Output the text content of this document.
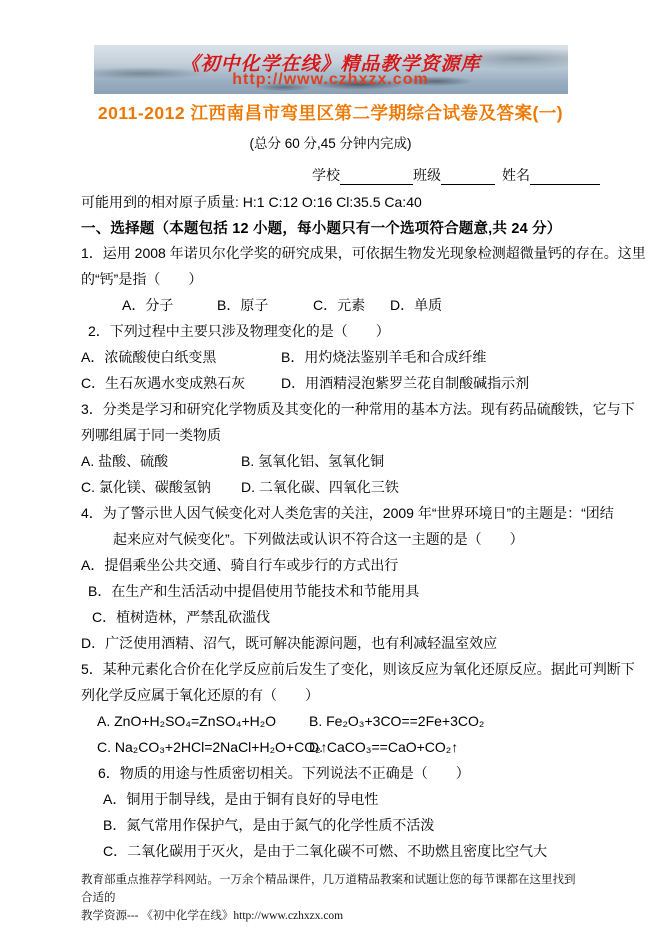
《初中化学在线》精品教学资源库
http://www.czhxzx.com
2011-2012 江西南昌市弯里区第二学期综合试卷及答案(一)
(总分 60 分,45 分钟内完成)
学校	班级	姓名
可能用到的相对原子质量: H:1 C:12 O:16 Cl:35.5 Ca:40
一、选择题（本题包括 12 小题，每小题只有一个选项符合题意,共 24 分）
1．运用 2008 年诺贝尔化学奖的研究成果，可依据生物发光现象检测超微量钙的存在。这里
的“钙”是指（　　）
A．分子	B．原子	C．元素 D．单质
2．下列过程中主要只涉及物理变化的是（　　）
A．浓硫酸使白纸变黑	B．用灼烧法鉴别羊毛和合成纤维
C．生石灰遇水变成熟石灰	D．用酒精浸泡紫罗兰花自制酸碱指示剂
3．分类是学习和研究化学物质及其变化的一种常用的基本方法。现有药品硫酸铁，它与下
列哪组属于同一类物质
A. 盐酸、硫酸	B. 氢氧化铝、氢氧化铜
C. 氯化镁、碳酸氢钠 D. 二氧化碳、四氧化三铁
4．为了警示世人因气候变化对人类危害的关注，2009 年“世界环境日”的主题是：“团结
起来应对气候变化”。下列做法或认识不符合这一主题的是（　　）
A．提倡乘坐公共交通、骑自行车或步行的方式出行
B．在生产和生活活动中提倡使用节能技术和节能用具
C．植树造林，严禁乱砍滥伐
D．广泛使用酒精、沼气，既可解决能源问题，也有利减轻温室效应
5．某种元素化合价在化学反应前后发生了变化，则该反应为氧化还原反应。据此可判断下
列化学反应属于氧化还原的有（　　）
A. ZnO+H₂SO₄=ZnSO₄+H₂O B. Fe₂O₃+3CO==2Fe+3CO₂
C. Na₂CO₃+2HCl=2NaCl+H₂O+CO₂↑D. CaCO₃==CaO+CO₂↑
6．物质的用途与性质密切相关。下列说法不正确是（　　）
A．铜用于制导线，是由于铜有良好的导电性
B．氮气常用作保护气，是由于氮气的化学性质不活泼
C．二氧化碳用于灭火，是由于二氧化碳不可燃、不助燃且密度比空气大
教育部重点推荐学科网站。一万余个精品课件，几万道精品教案和试题让您的每节课都在这里找到合适的
教学资源--- 《初中化学在线》http://www.czhxzx.com
